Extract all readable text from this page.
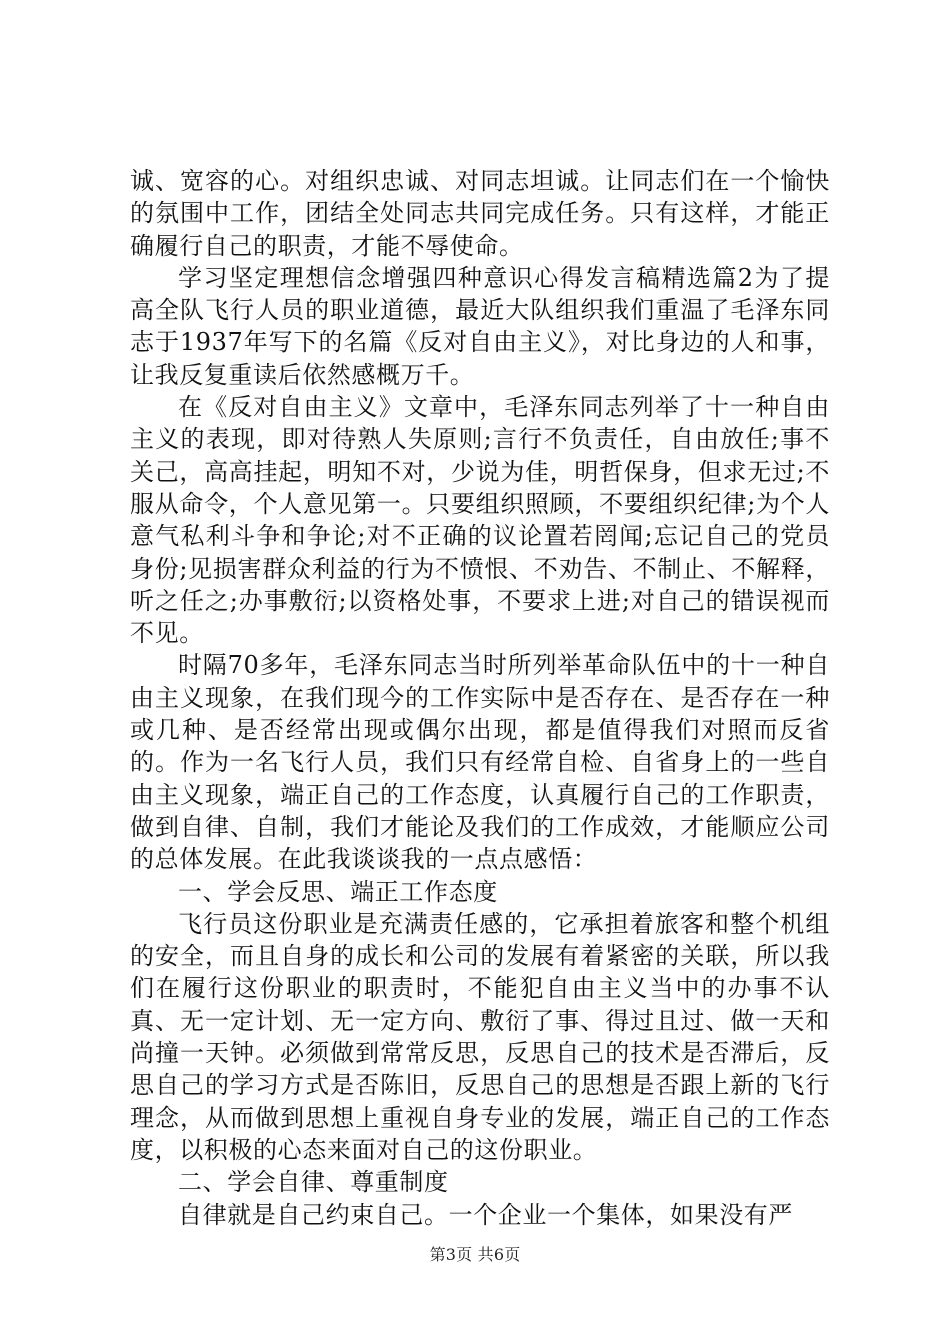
诚、宽容的心。对组织忠诚、对同志坦诚。让同志们在一个愉快的氛围中工作，团结全处同志共同完成任务。只有这样，才能正确履行自己的职责，才能不辱使命。

学习坚定理想信念增强四种意识心得发言稿精选篇2为了提高全队飞行人员的职业道德，最近大队组织我们重温了毛泽东同志于1937年写下的名篇《反对自由主义》，对比身边的人和事，让我反复重读后依然感概万千。

在《反对自由主义》文章中，毛泽东同志列举了十一种自由主义的表现，即对待熟人失原则;言行不负责任，自由放任;事不关己，高高挂起，明知不对，少说为佳，明哲保身，但求无过;不服从命令，个人意见第一。只要组织照顾，不要组织纪律;为个人意气私利斗争和争论;对不正确的议论置若罔闻;忘记自己的党员身份;见损害群众利益的行为不愤恨、不劝告、不制止、不解释，听之任之;办事敷衍;以资格处事，不要求上进;对自己的错误视而不见。

时隔70多年，毛泽东同志当时所列举革命队伍中的十一种自由主义现象，在我们现今的工作实际中是否存在、是否存在一种或几种、是否经常出现或偶尔出现，都是值得我们对照而反省的。作为一名飞行人员，我们只有经常自检、自省身上的一些自由主义现象，端正自己的工作态度，认真履行自己的工作职责，做到自律、自制，我们才能论及我们的工作成效，才能顺应公司的总体发展。在此我谈谈我的一点点感悟：

一、学会反思、端正工作态度

飞行员这份职业是充满责任感的，它承担着旅客和整个机组的安全，而且自身的成长和公司的发展有着紧密的关联，所以我们在履行这份职业的职责时，不能犯自由主义当中的办事不认真、无一定计划、无一定方向、敷衍了事、得过且过、做一天和尚撞一天钟。必须做到常常反思，反思自己的技术是否滞后，反思自己的学习方式是否陈旧，反思自己的思想是否跟上新的飞行理念，从而做到思想上重视自身专业的发展，端正自己的工作态度，以积极的心态来面对自己的这份职业。

二、学会自律、尊重制度

自律就是自己约束自己。一个企业一个集体，如果没有严

第3页 共6页
